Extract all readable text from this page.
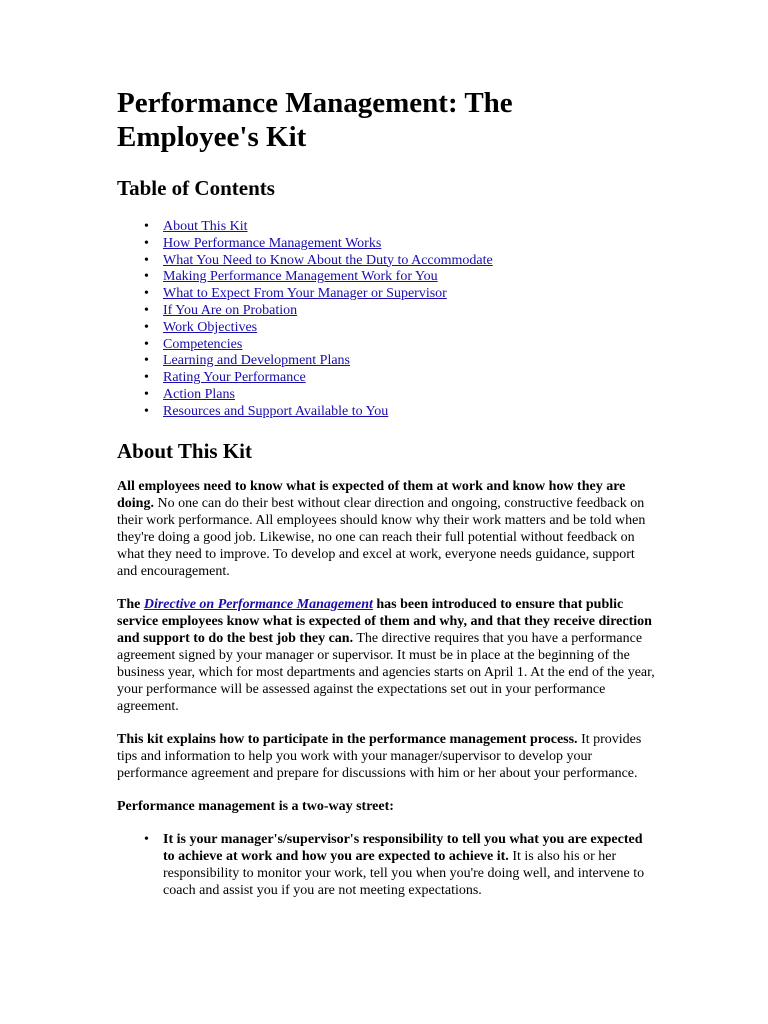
Performance Management: The
Employee's Kit
Table of Contents
• About This Kit
• How Performance Management Works
• What You Need to Know About the Duty to Accommodate
• Making Performance Management Work for You
• What to Expect From Your Manager or Supervisor
• If You Are on Probation
• Work Objectives
• Competencies
• Learning and Development Plans
• Rating Your Performance
• Action Plans
• Resources and Support Available to You
About This Kit

All employees need to know what is expected of them at work and know how they are doing. No one can do their best without clear direction and ongoing, constructive feedback on their work performance. All employees should know why their work matters and be told when they're doing a good job. Likewise, no one can reach their full potential without feedback on what they need to improve. To develop and excel at work, everyone needs guidance, support and encouragement.

The Directive on Performance Management has been introduced to ensure that public service employees know what is expected of them and why, and that they receive direction and support to do the best job they can. The directive requires that you have a performance agreement signed by your manager or supervisor. It must be in place at the beginning of the business year, which for most departments and agencies starts on April 1. At the end of the year, your performance will be assessed against the expectations set out in your performance agreement.

This kit explains how to participate in the performance management process. It provides tips and information to help you work with your manager/supervisor to develop your performance agreement and prepare for discussions with him or her about your performance.

Performance management is a two-way street:

• It is your manager's/supervisor's responsibility to tell you what you are expected to achieve at work and how you are expected to achieve it. It is also his or her responsibility to monitor your work, tell you when you're doing well, and intervene to coach and assist you if you are not meeting expectations.
